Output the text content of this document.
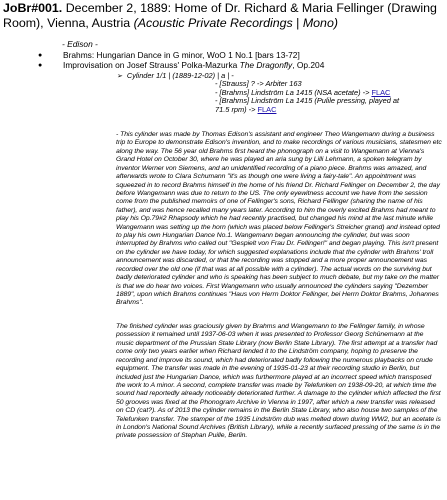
JoBr#001. December 2, 1889: Home of Dr. Richard & Maria Fellinger (Drawing
Room), Vienna, Austria (Acoustic Private Recordings | Mono)
- Edison -
● Brahms: Hungarian Dance in G minor, WoO 1 No.1 [bars 13-72]
● Improvisation on Josef Strauss' Polka-Mazurka The Dragonfly, Op.204
➢ Cylinder 1/1 | (1889-12-02) | a | -
- [Strauss] ? -> Arbiter 163
- [Brahms] Lindström La 1415 (NSA acetate) -> FLAC
- [Brahms] Lindström La 1415 (Pulile pressing, played at
71.5 rpm) -> FLAC

- This cylinder was made by Thomas Edison's assistant and engineer Theo Wangemann during a business trip to Europe to demonstrate Edison's invention, and to make recordings of various musicians, statesmen etc along the way. The 56 year old Brahms first heard the phonograph on a visit to Wangemann at Vienna's Grand Hotel on October 30, where he was played an aria sung by Lilli Lehmann, a spoken telegram by inventor Werner von Siemens, and an unidentified recording of a piano piece. Brahms was amazed, and afterwards wrote to Clara Schumann "it's as though one were living a fairy-tale". An appointment was squeezed in to record Brahms himself in the home of his friend Dr. Richard Fellinger on December 2, the day before Wangemann was due to return to the US. The only eyewitness account we have from the session come from the published memoirs of one of Fellinger's sons, Richard Fellinger (sharing the name of his father), and was hence recalled many years later. According to him the overly excited Brahms had meant to play his Op.79#2 Rhapsody which he had recently practised, but changed his mind at the last minute while Wangemann was setting up the horn (which was placed below Fellinger's Streicher grand) and instead opted to play his own Hungarian Dance No.1. Wangemann began announcing the cylinder, but was soon interrupted by Brahms who called out "Gespielt von Frau Dr. Fellinger!" and began playing. This isn't present on the cylinder we have today, for which suggested explanations include that the cylinder with Brahms' troll announcement was discarded, or that the recording was stopped and a more proper announcement was recorded over the old one (if that was at all possible with a cylinder). The actual words on the surviving but badly deteriorated cylinder and who is speaking has been subject to much debate, but my take on the matter is that we do hear two voices. First Wangemann who usually announced the cylinders saying "Dezember 1889", upon which Brahms continues "Haus von Herrn Doktor Fellinger, bei Herrn Doktor Brahms, Johannes Brahms".

The finished cylinder was graciously given by Brahms and Wangemann to the Fellinger family, in whose possession it remained until 1937-06-03 when it was presented to Professor Georg Schünemann at the music department of the Prussian State Library (now Berlin State Library). The first attempt at a transfer had come only two years earlier when Richard lended it to the Lindström company, hoping to preserve the recording and improve its sound, which had deteriorated badly following the numerous playbacks on crude equipment. The transfer was made in the evening of 1935-01-23 at their recording studio in Berlin, but included just the Hungarian Dance, which was furthermore played at an incorrect speed which transposed the work to A minor. A second, complete transfer was made by Telefunken on 1938-09-20, at which time the sound had reportedly already noticeably deteriorated further. A damage to the cylinder which affected the first 50 grooves was fixed at the Phonogram Archive in Vienna in 1997, after which a new transfer was released on CD (cat?). As of 2013 the cylinder remains in the Berlin State Library, who also house two samples of the Telefunken transfer. The stamper of the 1935 Lindström dub was melted down during WW2, but an acetate is in London's National Sound Archives (British Library), while a recently surfaced pressing of the same is in the private possession of Stephan Puille, Berlin.
